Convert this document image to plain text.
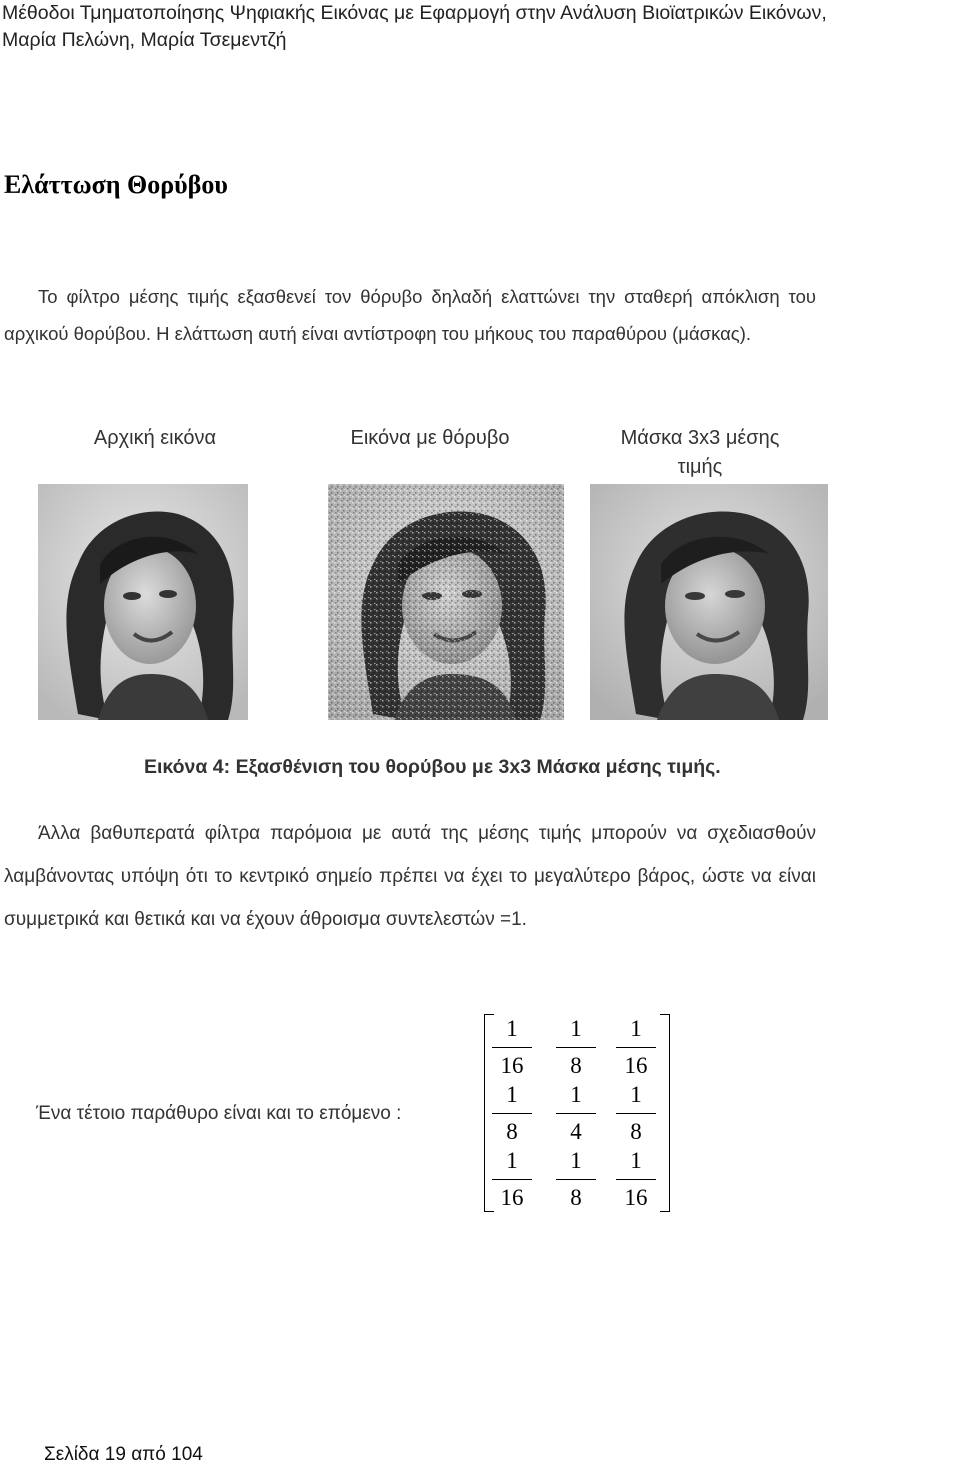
Μέθοδοι Τμηματοποίησης Ψηφιακής Εικόνας με Εφαρμογή στην Ανάλυση Βιοϊατρικών Εικόνων,
Μαρία Πελώνη, Μαρία Τσεμεντζή
Ελάττωση Θορύβου
Το φίλτρο μέσης τιμής εξασθενεί τον θόρυβο δηλαδή ελαττώνει την σταθερή απόκλιση του αρχικού θορύβου. Η ελάττωση αυτή είναι αντίστροφη του μήκους του παραθύρου (μάσκας).
Αρχική εικόνα	Εικόνα με θόρυβο	Μάσκα 3x3 μέσης τιμής
Εικόνα 4: Εξασθένιση του θορύβου με 3x3 Μάσκα μέσης τιμής.
Άλλα βαθυπερατά φίλτρα παρόμοια με αυτά της μέσης τιμής μπορούν να σχεδιασθούν λαμβάνοντας υπόψη ότι το κεντρικό σημείο πρέπει να έχει το μεγαλύτερο βάρος, ώστε να είναι συμμετρικά και θετικά και να έχουν άθροισμα συντελεστών =1.
Ένα τέτοιο παράθυρο είναι και το επόμενο :
1
16
1
8
1
16
1
8
1
4
1
8
1
16
1
8
1
16
Σελίδα 19 από 104
